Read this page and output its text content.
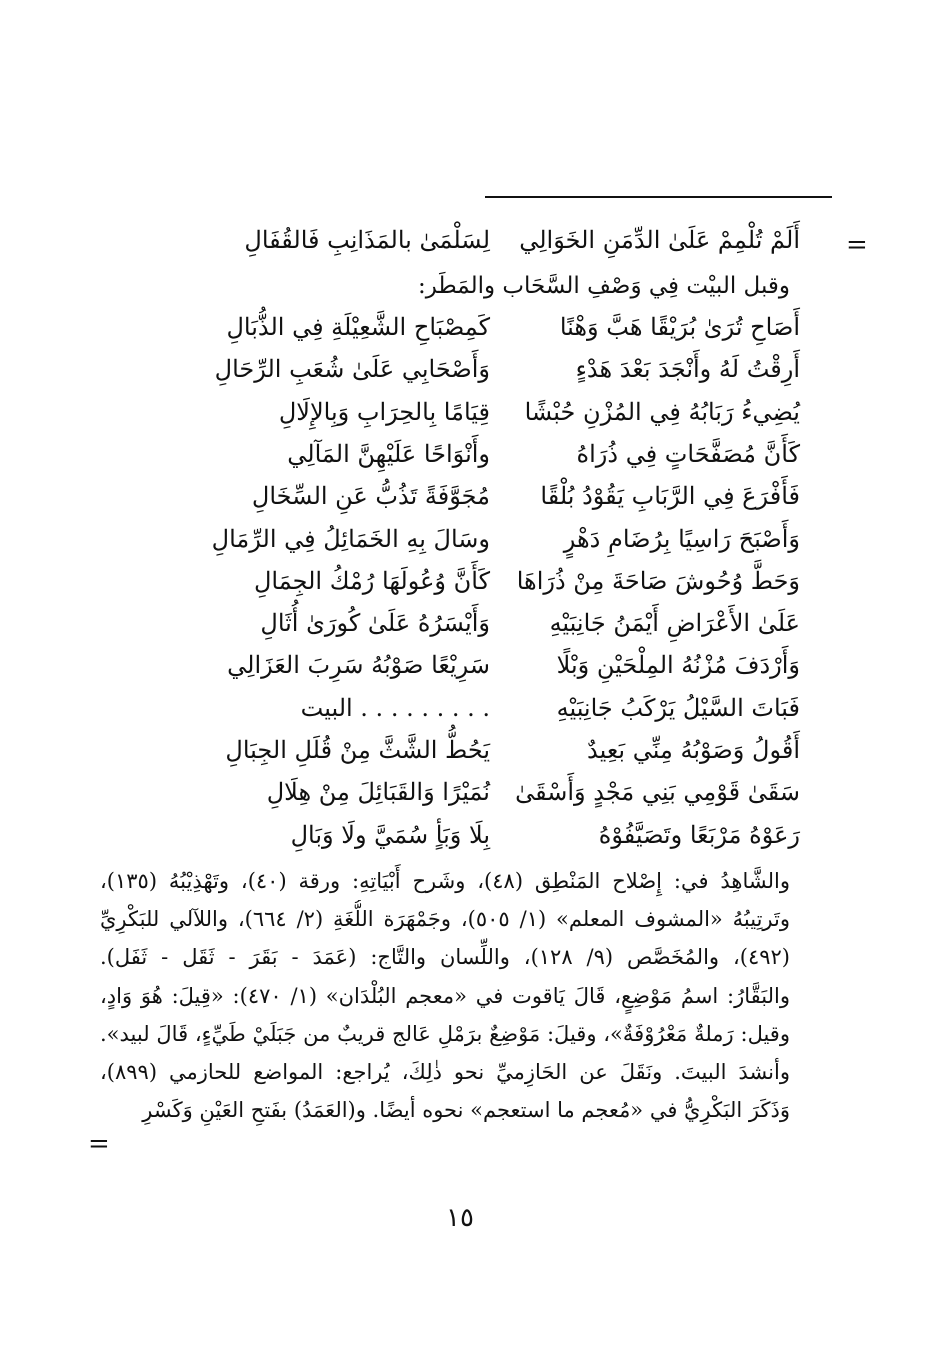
=
أَلَمْ تُلْمِمْ عَلَىٰ الدِّمَنِ الخَوَالِي
لِسَلْمَىٰ بالمَذَانِبِ فَالقُفَالِ
وقبل البيْت فِي وَصْفِ السَّحَاب والمَطَر:
أَصَاحِ تُرَىٰ بُرَيْقًا هَبَّ وَهْنًا
كَمِصْبَاحِ الشَّعِيْلَةِ فِي الذُّبَالِ
أَرِقْتُ لَهُ وأَنْجَدَ بَعْدَ هَدْءٍ
وَأَصْحَابِي عَلَىٰ شُعَبِ الرِّحَالِ
يُضِيءُ رَبَابُهُ فِي المُزْنِ حُبْشًا
قِيَامًا بِالحِرَابِ وَبِالإِلَالِ
كَأَنَّ مُصَفَّحَاتٍ فِي ذُرَاهُ
وأَنْوَاحًا عَلَيْهِنَّ المَآلِي
فَأَفْرَعَ فِي الرَّبَابِ يَقُوْدُ بُلْقًا
مُجَوَّفَةً تَذُبُّ عَنِ السِّخَالِ
وَأَصْبَحَ رَاسِيًا بِرُضَامِ دَهْرٍ
وسَالَ بِهِ الخَمَائِلُ فِي الرِّمَالِ
وَحَطَّ وُحُوشَ صَاحَةَ مِنْ ذُرَاهَا
كَأَنَّ وُعُولَهَا رُمْكُ الجِمَالِ
عَلَىٰ الأَعْرَاضِ أَيْمَنُ جَانِبَيْهِ
وَأَيْسَرُهُ عَلَىٰ كُورَىٰ أُثَالِ
وَأَرْدَفَ مُزْنُهُ المِلْحَيْنِ وَبْلًا
سَرِيْعًا صَوْبُهُ سَرِبَ العَزَالِي
فَبَاتَ السَّيْلُ يَرْكَبُ جَانِبَيْهِ
. . . . . . . . . البيت
أَقُولُ وَصَوْبُهُ مِنِّي بَعِيدٌ
يَحُطُّ الشَّثَّ مِنْ قُلَلِ الجِبَالِ
سَقَىٰ قَوْمِي بَنِي مَجْدٍ وَأَسْقَىٰ
نُمَيْرًا وَالقَبَائِلَ مِنْ هِلَالِ
رَعَوْهُ مَرْبَعًا وتَصَيَّفُوْهُ
بِلَا وَبَأٍ سُمَيَّ ولَا وَبَالِ
والشَّاهِدُ في: إِصْلاح المَنْطِق (٤٨)، وشَرح أَبْيَاتِهِ: ورقة (٤٠)، وتَهْذِيْبُهُ (١٣٥)،
وتَرتِيبُهُ «المشوف المعلم» (١/ ٥٠٥)، وجَمْهَرَة اللُّغَةِ (٢/ ٦٦٤)، واللآلي للبَكْرِيِّ
(٤٩٢)، والمُخَصَّص (٩/ ١٢٨)، واللِّسان والتَّاج: (عَمَدَ - بَقَرَ - ثَقَل - ثَفَل).
والبَقَّارُ: اسمُ مَوْضِعٍ، قَالَ يَاقوت في «معجم البُلْدَان» (١/ ٤٧٠): «قِيلَ: هُوَ وَادٍ،
وقيل: رَملةٌ مَعْرُوْفَةٌ»، وقيلَ: مَوْضِعٌ برَمْلِ عَالج قريبٌ من جَبَلَيْ طَيِّءٍ، قَالَ لبيد».
وأنشدَ البيتَ. ونَقَلَ عن الحَازِميِّ نحو ذٰلِكَ، يُراجع: المواضع للحازمي (٨٩٩)،
وَذَكَرَ البَكْرِيُّ في «مُعجم ما استعجم» نحوه أيضًا. و(العَمَدُ) بفَتحِ العَيْنِ وَكَسْرِ
=
١٥
